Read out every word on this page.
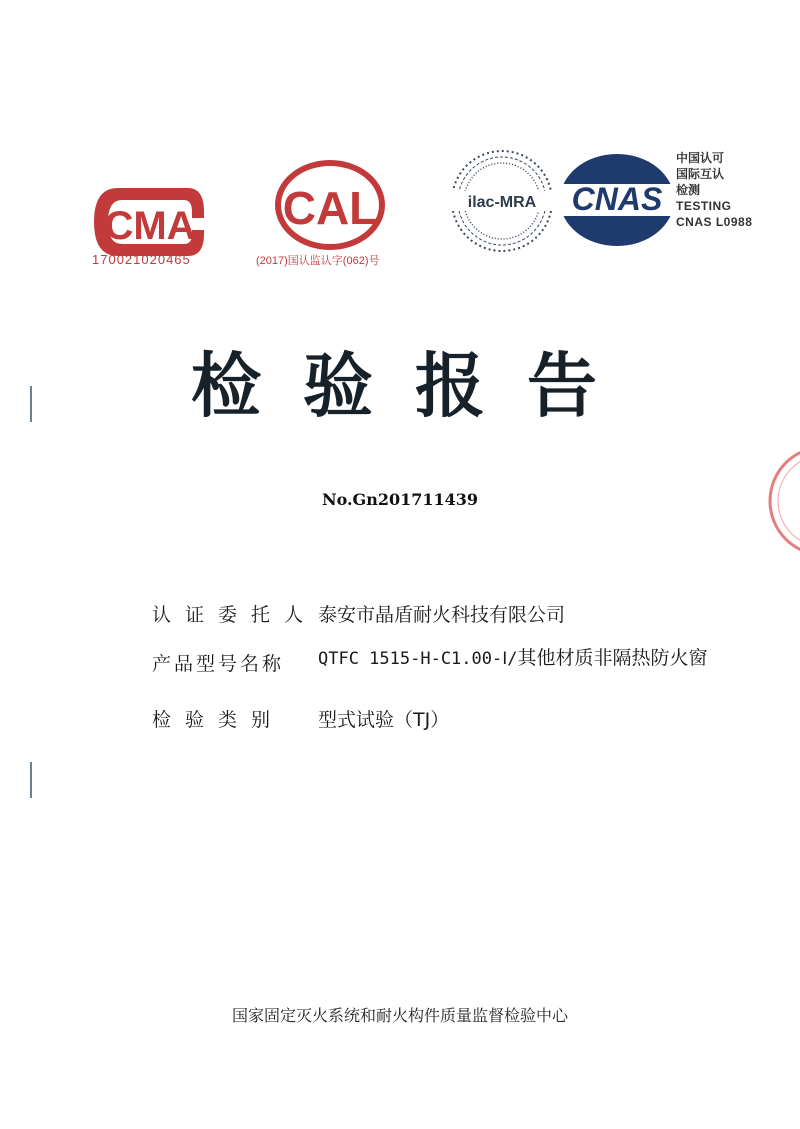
CMA
170021020465
CAL
(2017)国认监认字(062)号
ilac-MRA CNAS
中国认可
国际互认
检测
TESTING
CNAS L0988
检验报告
No.Gn201711439
认证委托人 泰安市晶盾耐火科技有限公司
产品型号名称	QTFC 1515-H-C1.00-Ⅰ/其他材质非隔热防火窗
检验类别	型式试验（TJ）
国家固定灭火系统和耐火构件质量监督检验中心
